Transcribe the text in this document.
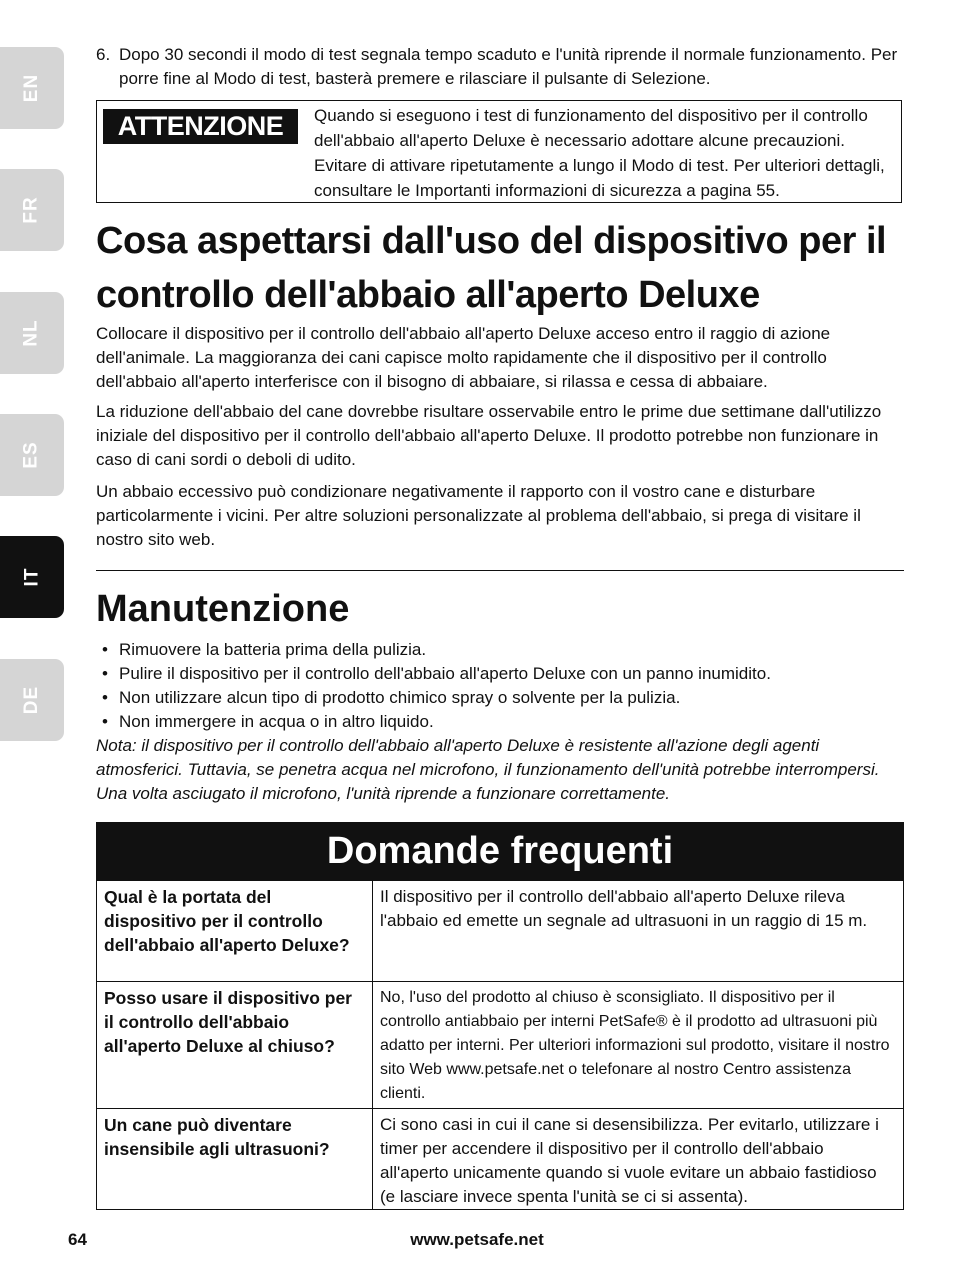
EN
FR
NL
ES
IT
DE
6. Dopo 30 secondi il modo di test segnala tempo scaduto e l'unità riprende il normale funzionamento. Per porre fine al Modo di test, basterà premere e rilasciare il pulsante di Selezione.
ATTENZIONE	Quando si eseguono i test di funzionamento del dispositivo per il controllo dell'abbaio all'aperto Deluxe è necessario adottare alcune precauzioni. Evitare di attivare ripetutamente a lungo il Modo di test. Per ulteriori dettagli, consultare le Importanti informazioni di sicurezza a pagina 55.
Cosa aspettarsi dall'uso del dispositivo per il controllo dell'abbaio all'aperto Deluxe

Collocare il dispositivo per il controllo dell'abbaio all'aperto Deluxe acceso entro il raggio di azione dell'animale. La maggioranza dei cani capisce molto rapidamente che il dispositivo per il controllo dell'abbaio all'aperto interferisce con il bisogno di abbaiare, si rilassa e cessa di abbaiare.

La riduzione dell'abbaio del cane dovrebbe risultare osservabile entro le prime due settimane dall'utilizzo iniziale del dispositivo per il controllo dell'abbaio all'aperto Deluxe. Il prodotto potrebbe non funzionare in caso di cani sordi o deboli di udito.

Un abbaio eccessivo può condizionare negativamente il rapporto con il vostro cane e disturbare particolarmente i vicini. Per altre soluzioni personalizzate al problema dell'abbaio, si prega di visitare il nostro sito web.

Manutenzione
• Rimuovere la batteria prima della pulizia.
• Pulire il dispositivo per il controllo dell'abbaio all'aperto Deluxe con un panno inumidito.
• Non utilizzare alcun tipo di prodotto chimico spray o solvente per la pulizia.
• Non immergere in acqua o in altro liquido.

Nota: il dispositivo per il controllo dell'abbaio all'aperto Deluxe è resistente all'azione degli agenti atmosferici. Tuttavia, se penetra acqua nel microfono, il funzionamento dell'unità potrebbe interrompersi. Una volta asciugato il microfono, l'unità riprende a funzionare correttamente.

Domande frequenti
Qual è la portata del dispositivo per il controllo dell'abbaio all'aperto Deluxe?
Il dispositivo per il controllo dell'abbaio all'aperto Deluxe rileva l'abbaio ed emette un segnale ad ultrasuoni in un raggio di 15 m.
Posso usare il dispositivo per il controllo dell'abbaio all'aperto Deluxe al chiuso?
No, l'uso del prodotto al chiuso è sconsigliato. Il dispositivo per il controllo antiabbaio per interni PetSafe® è il prodotto ad ultrasuoni più adatto per interni. Per ulteriori informazioni sul prodotto, visitare il nostro sito Web www.petsafe.net o telefonare al nostro Centro assistenza clienti.
Un cane può diventare insensibile agli ultrasuoni?
Ci sono casi in cui il cane si desensibilizza. Per evitarlo, utilizzare i timer per accendere il dispositivo per il controllo dell'abbaio all'aperto unicamente quando si vuole evitare un abbaio fastidioso (e lasciare invece spenta l'unità se ci si assenta).
64	www.petsafe.net
